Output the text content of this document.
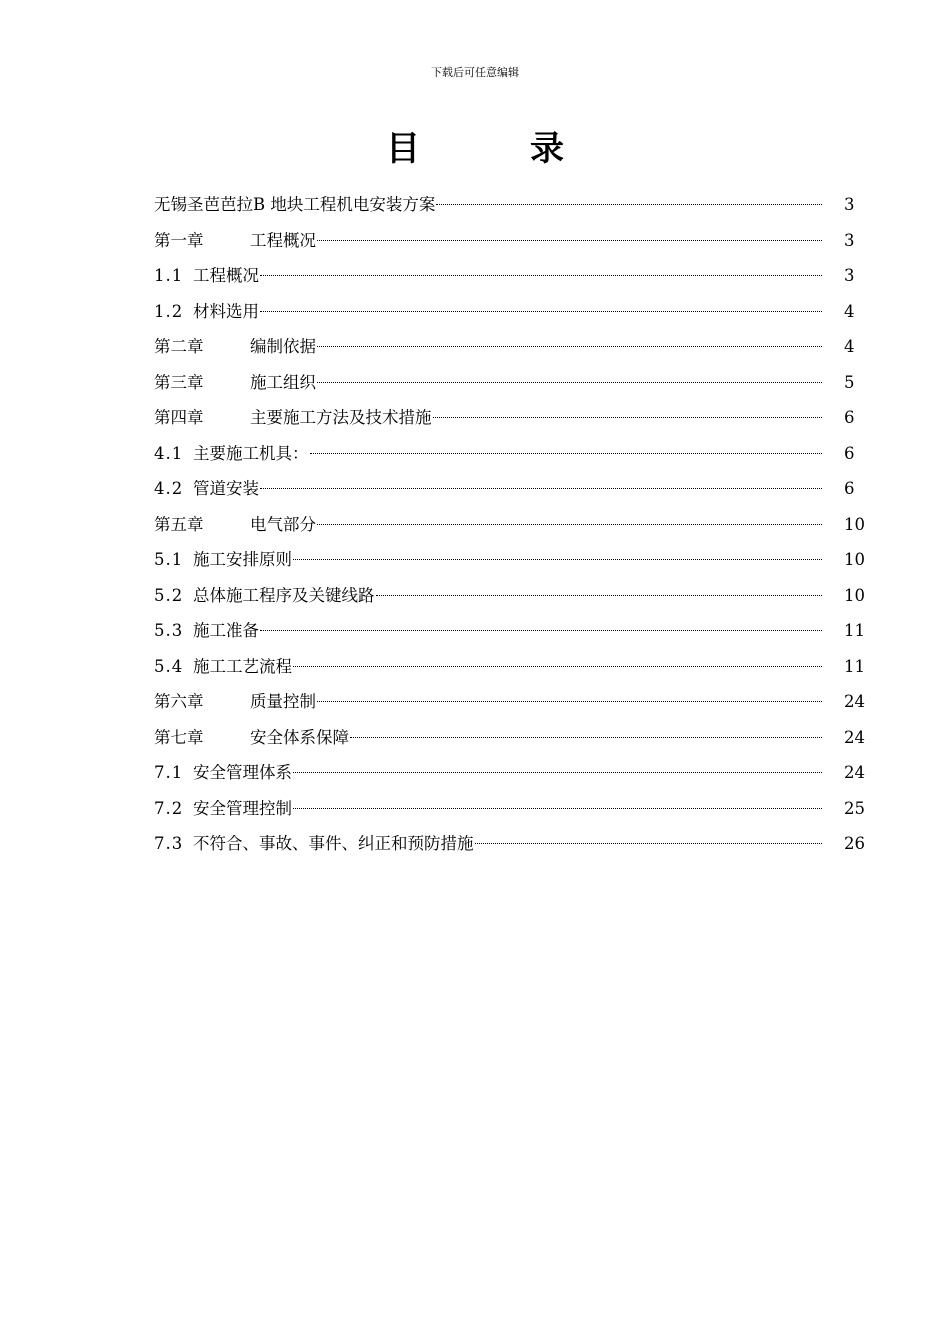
下载后可任意编辑
目	录
无锡圣芭芭拉B 地块工程机电安装方案	3
第一章	工程概况	3
1.1 工程概况	3
1.2 材料选用	4
第二章	编制依据	4
第三章	施工组织	5
第四章	主要施工方法及技术措施	6
4.1 主要施工机具：	6
4.2 管道安装	6
第五章	电气部分	10
5.1 施工安排原则	10
5.2 总体施工程序及关键线路	10
5.3 施工准备	11
5.4 施工工艺流程	11
第六章	质量控制	24
第七章	安全体系保障	24
7.1 安全管理体系	24
7.2 安全管理控制	25
7.3 不符合、事故、事件、纠正和预防措施	26
